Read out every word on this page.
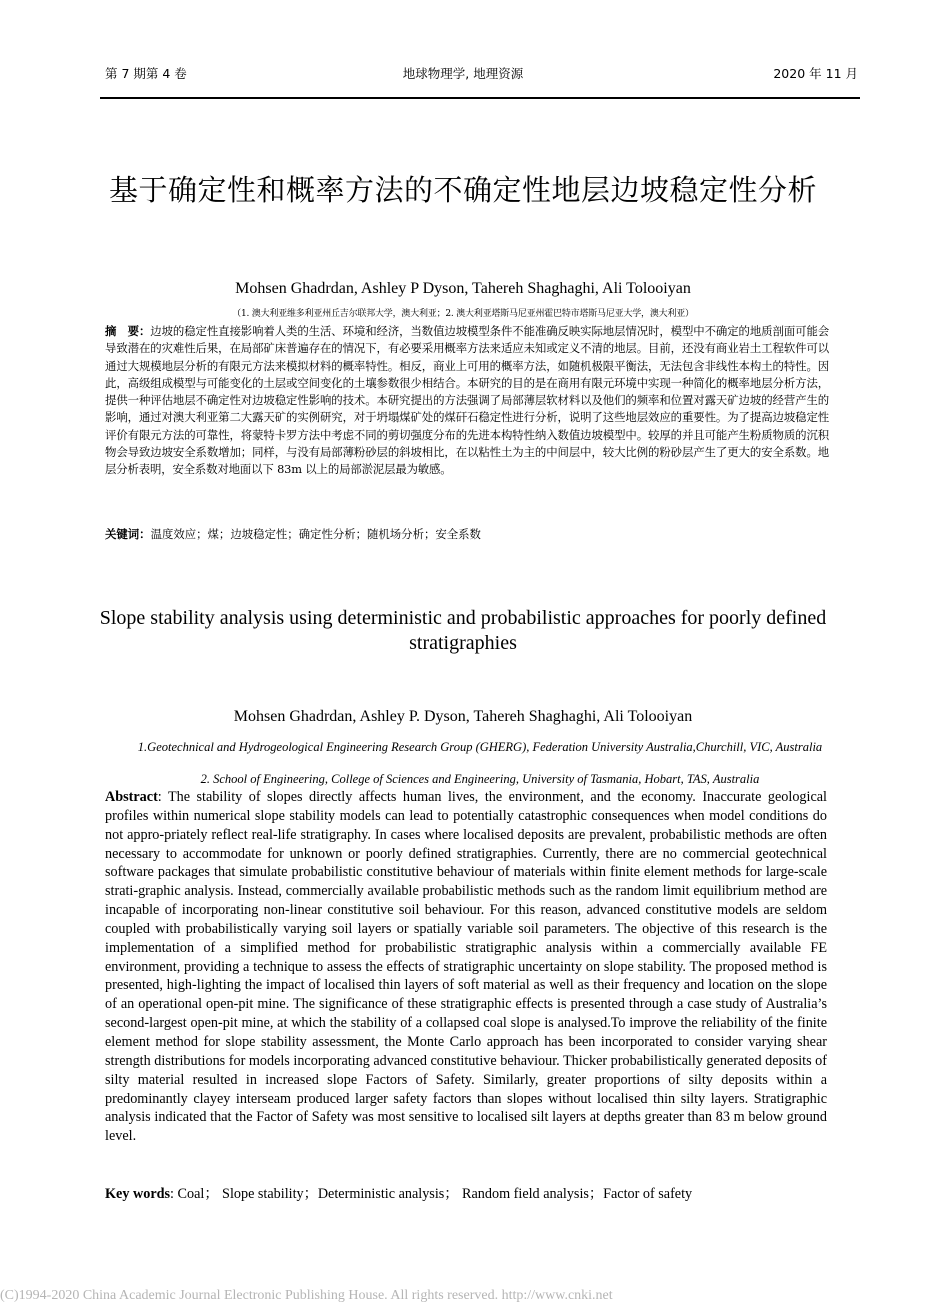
第 7 期第 4 卷	地球物理学, 地理资源	2020 年 11 月
基于确定性和概率方法的不确定性地层边坡稳定性分析
Mohsen Ghadrdan, Ashley P Dyson, Tahereh Shaghaghi, Ali Tolooiyan
（1. 澳大利亚维多利亚州丘吉尔联邦大学，澳大利亚；2. 澳大利亚塔斯马尼亚州霍巴特市塔斯马尼亚大学，澳大利亚）
摘　要：边坡的稳定性直接影响着人类的生活、环境和经济，当数值边坡模型条件不能准确反映实际地层情况时，模型中不确定的地质剖面可能会导致潜在的灾难性后果，在局部矿床普遍存在的情况下，有必要采用概率方法来适应未知或定义不清的地层。目前，还没有商业岩土工程软件可以通过大规模地层分析的有限元方法来模拟材料的概率特性。相反，商业上可用的概率方法，如随机极限平衡法，无法包含非线性本构土的特性。因此，高级组成模型与可能变化的土层或空间变化的土壤参数很少相结合。本研究的目的是在商用有限元环境中实现一种简化的概率地层分析方法，提供一种评估地层不确定性对边坡稳定性影响的技术。本研究提出的方法强调了局部薄层软材料以及他们的频率和位置对露天矿边坡的经营产生的影响，通过对澳大利亚第二大露天矿的实例研究，对于坍塌煤矿处的煤矸石稳定性进行分析，说明了这些地层效应的重要性。为了提高边坡稳定性评价有限元方法的可靠性，将蒙特卡罗方法中考虑不同的剪切强度分布的先进本构特性纳入数值边坡模型中。较厚的并且可能产生粉质物质的沉积物会导致边坡安全系数增加；同样，与没有局部薄粉砂层的斜坡相比，在以粘性土为主的中间层中，较大比例的粉砂层产生了更大的安全系数。地层分析表明，安全系数对地面以下 83m 以上的局部淤泥层最为敏感。
关键词：温度效应；煤；边坡稳定性；确定性分析；随机场分析；安全系数
Slope stability analysis using deterministic and probabilistic approaches for poorly defined stratigraphies
Mohsen Ghadrdan, Ashley P. Dyson, Tahereh Shaghaghi, Ali Tolooiyan
1.Geotechnical and Hydrogeological Engineering Research Group (GHERG), Federation University Australia,Churchill, VIC, Australia
2. School of Engineering, College of Sciences and Engineering, University of Tasmania, Hobart, TAS, Australia
Abstract: The stability of slopes directly affects human lives, the environment, and the economy. Inaccurate geological profiles within numerical slope stability models can lead to potentially catastrophic consequences when model conditions do not appro-priately reflect real-life stratigraphy. In cases where localised deposits are prevalent, probabilistic methods are often necessary to accommodate for unknown or poorly defined stratigraphies. Currently, there are no commercial geotechnical software packages that simulate probabilistic constitutive behaviour of materials within finite element methods for large-scale strati-graphic analysis. Instead, commercially available probabilistic methods such as the random limit equilibrium method are incapable of incorporating non-linear constitutive soil behaviour. For this reason, advanced constitutive models are seldom coupled with probabilistically varying soil layers or spatially variable soil parameters. The objective of this research is the implementation of a simplified method for probabilistic stratigraphic analysis within a commercially available FE environment, providing a technique to assess the effects of stratigraphic uncertainty on slope stability. The proposed method is presented, high-lighting the impact of localised thin layers of soft material as well as their frequency and location on the slope of an operational open-pit mine. The significance of these stratigraphic effects is presented through a case study of Australia’s second-largest open-pit mine, at which the stability of a collapsed coal slope is analysed.To improve the reliability of the finite element method for slope stability assessment, the Monte Carlo approach has been incorporated to consider varying shear strength distributions for models incorporating advanced constitutive behaviour. Thicker probabilistically generated deposits of silty material resulted in increased slope Factors of Safety. Similarly, greater proportions of silty deposits within a predominantly clayey interseam produced larger safety factors than slopes without localised thin silty layers. Stratigraphic analysis indicated that the Factor of Safety was most sensitive to localised silt layers at depths greater than 83 m below ground level.
Key words: Coal； Slope stability；Deterministic analysis； Random field analysis；Factor of safety
(C)1994-2020 China Academic Journal Electronic Publishing House. All rights reserved. http://www.cnki.net
